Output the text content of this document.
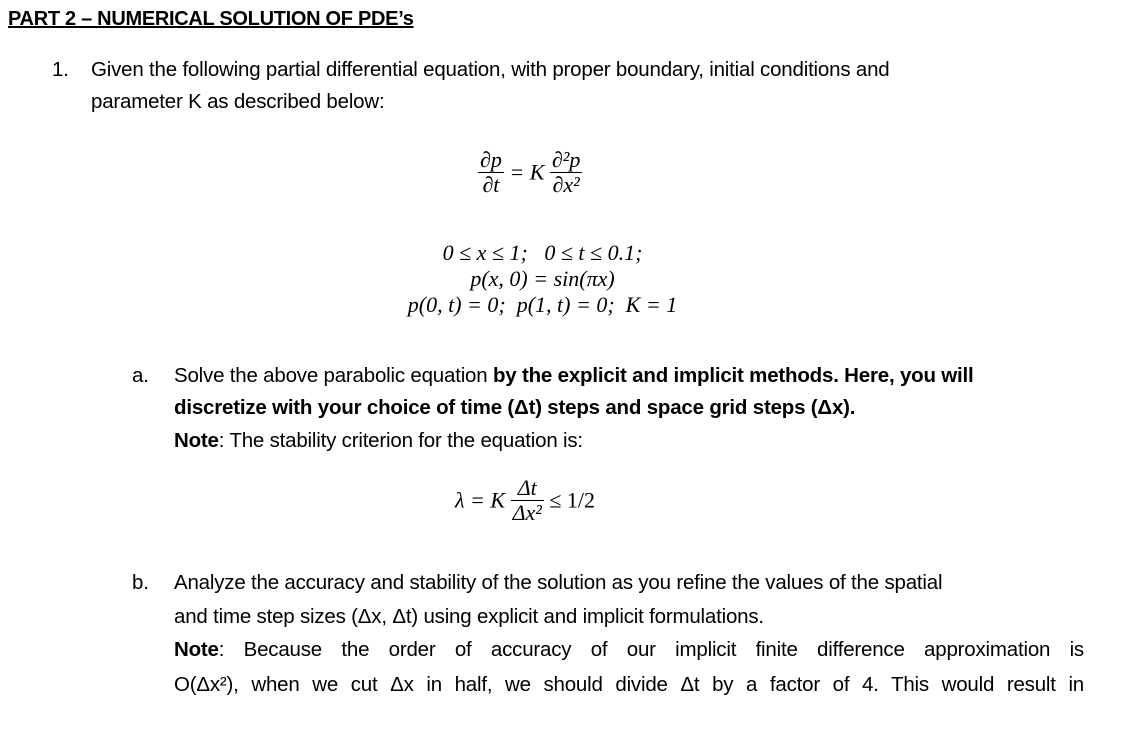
PART 2 – NUMERICAL SOLUTION OF PDE’s
1. Given the following partial differential equation, with proper boundary, initial conditions and
parameter K as described below:
$\frac{\partial p}{\partial t} = K \frac{\text{∂²p}}{\text{∂x²}}$
0 ≤ x ≤ 1;   0 ≤ t ≤ 0.1;
p(x, 0) = sin(πx)
p(0, t) = 0;  p(1, t) = 0;  K = 1
a. Solve the above parabolic equation by the explicit and implicit methods. Here, you will
discretize with your choice of time (Δt) steps and space grid steps (Δx).
Note: The stability criterion for the equation is:
λ = K $\frac{\Delta t}{\text{Δx²}} \le 1/2$
b. Analyze the accuracy and stability of the solution as you refine the values of the spatial
and time step sizes (Δx, Δt) using explicit and implicit formulations.
Note: Because the order of accuracy of our implicit finite difference approximation is
O(Δx²), when we cut Δx in half, we should divide Δt by a factor of 4. This would result in
